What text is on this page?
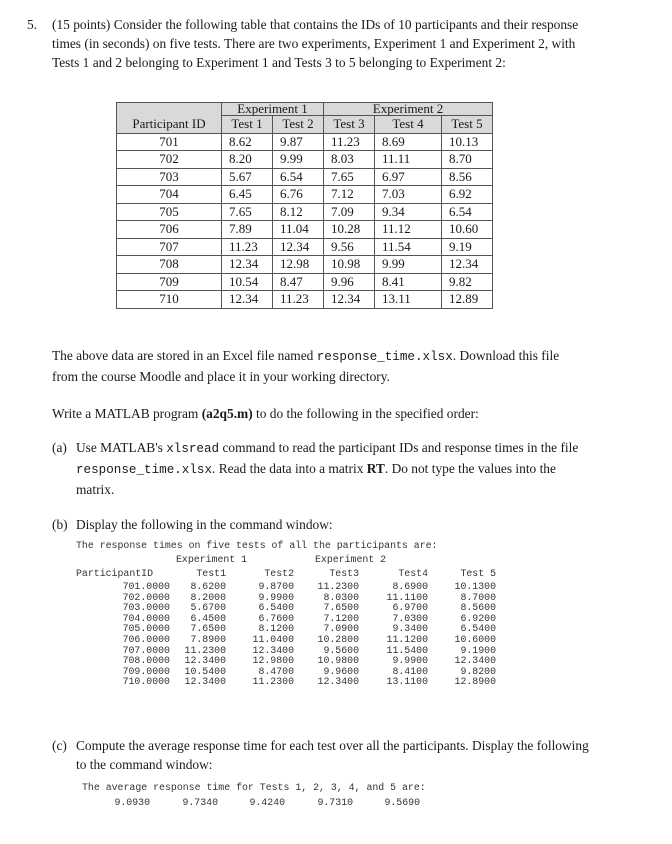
5. (15 points) Consider the following table that contains the IDs of 10 participants and their response
times (in seconds) on five tests. There are two experiments, Experiment 1 and Experiment 2, with
Tests 1 and 2 belonging to Experiment 1 and Tests 3 to 5 belonging to Experiment 2:
	Experiment 1		Experiment 2		
Participant ID	Test 1	Test 2	Test 3	Test 4	Test 5
701	8.62	9.87	11.23	8.69	10.13
702	8.20	9.99	8.03	11.11	8.70
703	5.67	6.54	7.65	6.97	8.56
704	6.45	6.76	7.12	7.03	6.92
705	7.65	8.12	7.09	9.34	6.54
706	7.89	11.04	10.28	11.12	10.60
707	11.23	12.34	9.56	11.54	9.19
708	12.34	12.98	10.98	9.99	12.34
709	10.54	8.47	9.96	8.41	9.82
710	12.34	11.23	12.34	13.11	12.89
The above data are stored in an Excel file named response_time.xlsx. Download this file
from the course Moodle and place it in your working directory.
Write a MATLAB program (a2q5.m) to do the following in the specified order:
(a) Use MATLAB's xlsread command to read the participant IDs and response times in the file
response_time.xlsx. Read the data into a matrix RT. Do not type the values into the
matrix.
(b) Display the following in the command window:
The response times on five tests of all the participants are:
Experiment 1	Experiment 2
ParticipantID	Test1	Test2	Test3	Test4	Test 5
701.0000 8.6200	9.8700 11.2300	8.6900	10.1300
702.0000 8.2000	9.9900	8.0300	11.1100	8.7000
703.0000 5.6700	6.5400	7.6500	6.9700	8.5600
704.0000 6.4500	6.7600	7.1200	7.0300	6.9200
705.0000 7.6500	8.1200	7.0900	9.3400	6.5400
706.0000 7.8900	11.0400 10.2800	11.1200	10.6000
707.0000 11.2300	12.3400	9.5600	11.5400	9.1900
708.0000 12.3400	12.9800 10.9800	9.9900	12.3400
709.0000 10.5400	8.4700	9.9600	8.4100	9.8200
710.0000 12.3400	11.2300 12.3400	13.1100	12.8900
(c) Compute the average response time for each test over all the participants. Display the following
to the command window:
The average response time for Tests 1, 2, 3, 4, and 5 are:
9.0930	9.7340	9.4240	9.7310	9.5690
